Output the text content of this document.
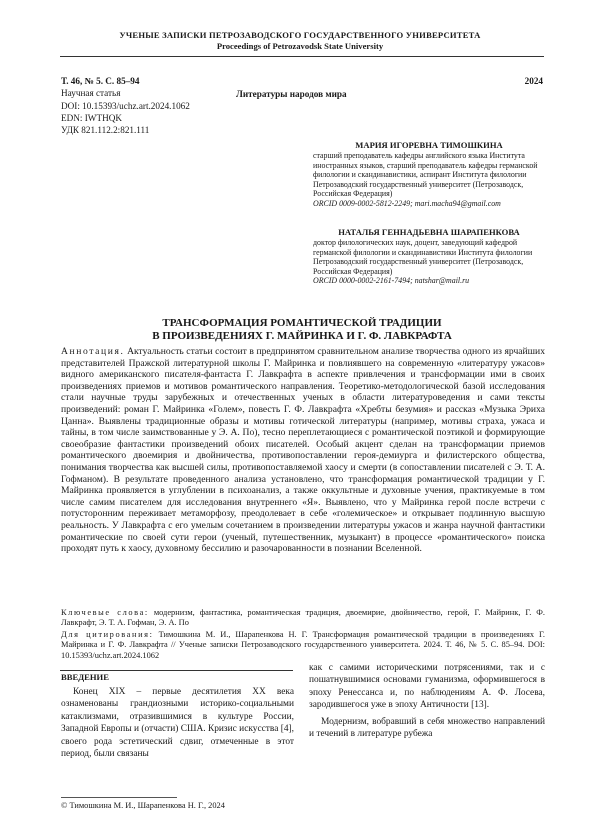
УЧЕНЫЕ ЗАПИСКИ ПЕТРОЗАВОДСКОГО ГОСУДАРСТВЕННОГО УНИВЕРСИТЕТА
Proceedings of Petrozavodsk State University
Т. 46, № 5. С. 85–94
Научная статья
DOI: 10.15393/uchz.art.2024.1062
EDN: IWTHQK
УДК 821.112.2:821.111
2024
Литературы народов мира
МАРИЯ ИГОРЕВНА ТИМОШКИНА
старший преподаватель кафедры английского языка Института иностранных языков, старший преподаватель кафедры германской филологии и скандинавистики, аспирант Института филологии
Петрозаводский государственный университет (Петрозаводск, Российская Федерация)
ORCID 0009-0002-5812-2249; mari.macha94@gmail.com
НАТАЛЬЯ ГЕННАДЬЕВНА ШАРАПЕНКОВА
доктор филологических наук, доцент, заведующий кафедрой германской филологии и скандинавистики Института филологии
Петрозаводский государственный университет (Петрозаводск, Российская Федерация)
ORCID 0000-0002-2161-7494; natshar@mail.ru
ТРАНСФОРМАЦИЯ РОМАНТИЧЕСКОЙ ТРАДИЦИИ
В ПРОИЗВЕДЕНИЯХ Г. МАЙРИНКА И Г. Ф. ЛАВКРАФТА
Аннотация. Актуальность статьи состоит в предпринятом сравнительном анализе творчества одного из ярчайших представителей Пражской литературной школы Г. Майринка и повлиявшего на современную «литературу ужасов» видного американского писателя-фантаста Г. Лавкрафта в аспекте привлечения и трансформации ими в своих произведениях приемов и мотивов романтического направления. Теоретико-методологической базой исследования стали научные труды зарубежных и отечественных ученых в области литературоведения и сами тексты произведений: роман Г. Майринка «Голем», повесть Г. Ф. Лавкрафта «Хребты безумия» и рассказ «Музыка Эриха Цанна». Выявлены традиционные образы и мотивы готической литературы (например, мотивы страха, ужаса и тайны, в том числе заимствованные у Э. А. По), тесно переплетающиеся с романтической поэтикой и формирующие своеобразие фантастики произведений обоих писателей. Особый акцент сделан на трансформации приемов романтического двоемирия и двойничества, противопоставлении героя-демиурга и филистерского общества, понимания творчества как высшей силы, противопоставляемой хаосу и смерти (в сопоставлении писателей с Э. Т. А. Гофманом). В результате проведенного анализа установлено, что трансформация романтической традиции у Г. Майринка проявляется в углублении в психоанализ, а также оккультные и духовные учения, практикуемые в том числе самим писателем для исследования внутреннего «Я». Выявлено, что у Майринка герой после встречи с потусторонним переживает метаморфозу, преодолевает в себе «големическое» и открывает подлинную высшую реальность. У Лавкрафта с его умелым сочетанием в произведении литературы ужасов и жанра научной фантастики романтические по своей сути герои (ученый, путешественник, музыкант) в процессе «романтического» поиска проходят путь к хаосу, духовному бессилию и разочарованности в познании Вселенной.
Ключевые слова: модернизм, фантастика, романтическая традиция, двоемирие, двойничество, герой, Г. Майринк, Г. Ф. Лавкрафт, Э. Т. А. Гофман, Э. А. По
Для цитирования: Тимошкина М. И., Шарапенкова Н. Г. Трансформация романтической традиции в произведениях Г. Майринка и Г. Ф. Лавкрафта // Ученые записки Петрозаводского государственного университета. 2024. Т. 46, № 5. С. 85–94. DOI: 10.15393/uchz.art.2024.1062
ВВЕДЕНИЕ
Конец XIX – первые десятилетия XX века ознаменованы грандиозными историко-социальными катаклизмами, отразившимися в культуре России, Западной Европы и (отчасти) США. Кризис искусства [4], своего рода эстетический сдвиг, отмеченные в этот период, были связаны
как с самими историческими потрясениями, так и с пошатнувшимися основами гуманизма, оформившегося в эпоху Ренессанса и, по наблюдениям А. Ф. Лосева, зародившегося уже в эпоху Античности [13].
Модернизм, вобравший в себя множество направлений и течений в литературе рубежа
© Тимошкина М. И., Шарапенкова Н. Г., 2024
